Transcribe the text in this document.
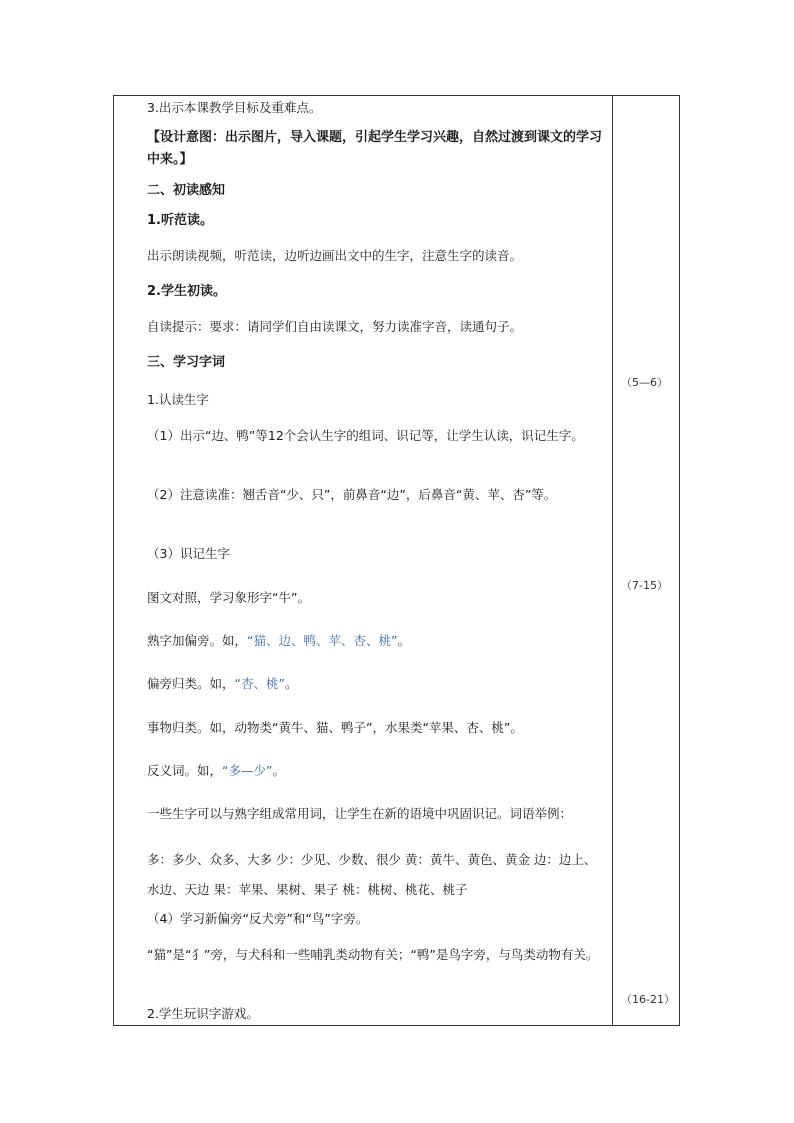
3.出示本课教学目标及重难点。
【设计意图：出示图片，导入课题，引起学生学习兴趣，自然过渡到课文的学习中来。】
二、初读感知
1.听范读。
出示朗读视频，听范读，边听边画出文中的生字，注意生字的读音。
2.学生初读。
自读提示：要求：请同学们自由读课文，努力读准字音，读通句子。
三、学习字词
1.认读生字
（1）出示“边、鸭”等12个会认生字的组词、识记等，让学生认读，识记生字。
（2）注意读准：翘舌音“少、只”，前鼻音“边”，后鼻音“黄、苹、杏”等。
（3）识记生字
图文对照，学习象形字“牛”。
熟字加偏旁。如，“猫、边、鸭、苹、杏、桃”。
偏旁归类。如，“杏、桃”。
事物归类。如，动物类“黄牛、猫、鸭子”，水果类“苹果、杏、桃”。
反义词。如，“多—少”。
一些生字可以与熟字组成常用词，让学生在新的语境中巩固识记。词语举例：
多：多少、众多、大多 少：少见、少数、很少 黄：黄牛、黄色、黄金 边：边上、水边、天边 果：苹果、果树、果子 桃：桃树、桃花、桃子
（4）学习新偏旁“反犬旁”和“鸟”字旁。
“猫”是“犭”旁，与犬科和一些哺乳类动物有关；“鸭”是鸟字旁，与鸟类动物有关。
2.学生玩识字游戏。
（5—6）
（7-15）
（16-21）
